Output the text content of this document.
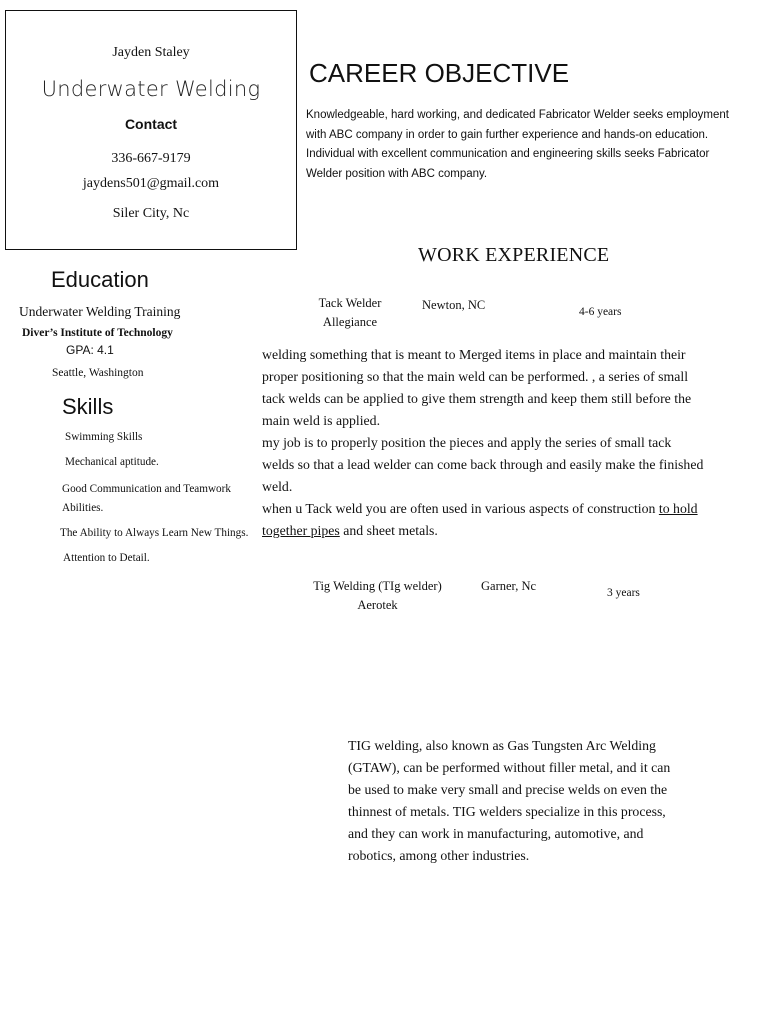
Jayden Staley
Underwater Welding
Contact
336-667-9179
jaydens501@gmail.com
Siler City, Nc
CAREER OBJECTIVE
Knowledgeable, hard working, and dedicated Fabricator Welder seeks employment
with ABC company in order to gain further experience and hands-on education.
Individual with excellent communication and engineering skills seeks Fabricator
Welder position with ABC company.
WORK EXPERIENCE
Tack Welder
Allegiance
Newton, NC	4-6 years
welding something that is meant to Merged items in place and maintain their
proper positioning so that the main weld can be performed. , a series of small
tack welds can be applied to give them strength and keep them still before the
main weld is applied.
my job is to properly position the pieces and apply the series of small tack
welds so that a lead welder can come back through and easily make the finished
weld.
when u Tack weld you are often used in various aspects of construction to hold
together pipes and sheet metals.
Tig Welding (TIg welder)
Aerotek
Garner, Nc	3 years
TIG welding, also known as Gas Tungsten Arc Welding
(GTAW), can be performed without filler metal, and it can
be used to make very small and precise welds on even the
thinnest of metals. TIG welders specialize in this process,
and they can work in manufacturing, automotive, and
robotics, among other industries.
Education
Underwater Welding Training
Diver’s Institute of Technology
GPA: 4.1
Seattle, Washington
Skills
Swimming Skills
Mechanical aptitude.
Good Communication and Teamwork
Abilities.
The Ability to Always Learn New Things.
Attention to Detail.
